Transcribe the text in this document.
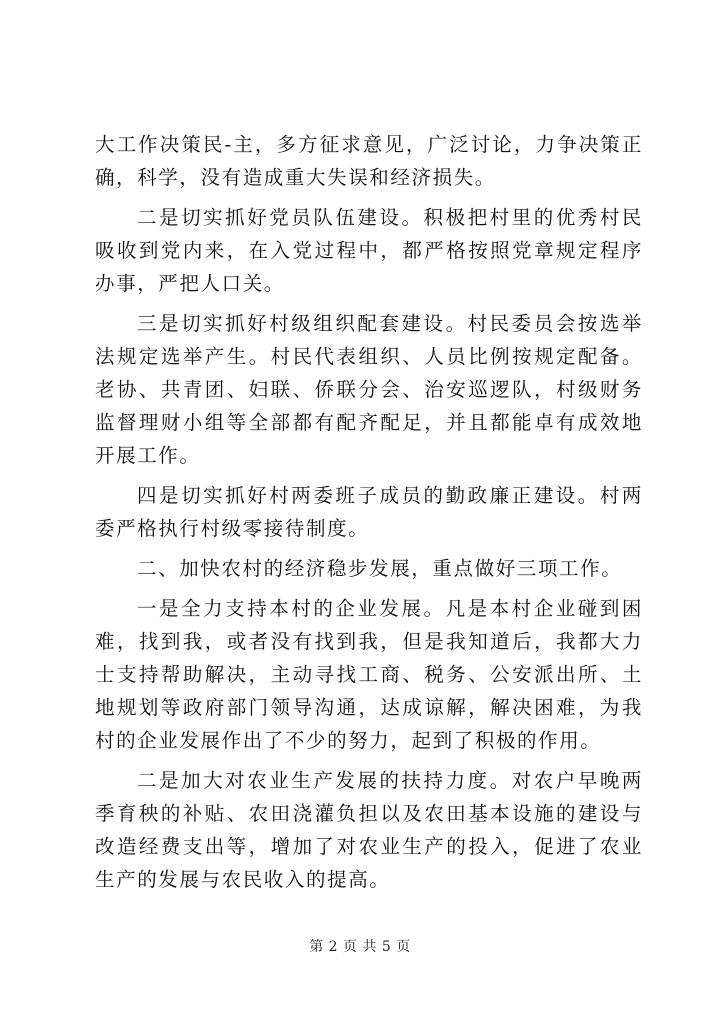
大工作决策民-主，多方征求意见，广泛讨论，力争决策正确，科学，没有造成重大失误和经济损失。

二是切实抓好党员队伍建设。积极把村里的优秀村民吸收到党内来，在入党过程中，都严格按照党章规定程序办事，严把人口关。

三是切实抓好村级组织配套建设。村民委员会按选举法规定选举产生。村民代表组织、人员比例按规定配备。老协、共青团、妇联、侨联分会、治安巡逻队，村级财务监督理财小组等全部都有配齐配足，并且都能卓有成效地开展工作。

四是切实抓好村两委班子成员的勤政廉正建设。村两委严格执行村级零接待制度。

二、加快农村的经济稳步发展，重点做好三项工作。

一是全力支持本村的企业发展。凡是本村企业碰到困难，找到我，或者没有找到我，但是我知道后，我都大力士支持帮助解决，主动寻找工商、税务、公安派出所、土地规划等政府部门领导沟通，达成谅解，解决困难，为我村的企业发展作出了不少的努力，起到了积极的作用。

二是加大对农业生产发展的扶持力度。对农户早晚两季育秧的补贴、农田浇灌负担以及农田基本设施的建设与改造经费支出等，增加了对农业生产的投入，促进了农业生产的发展与农民收入的提高。

第 2 页 共 5 页
